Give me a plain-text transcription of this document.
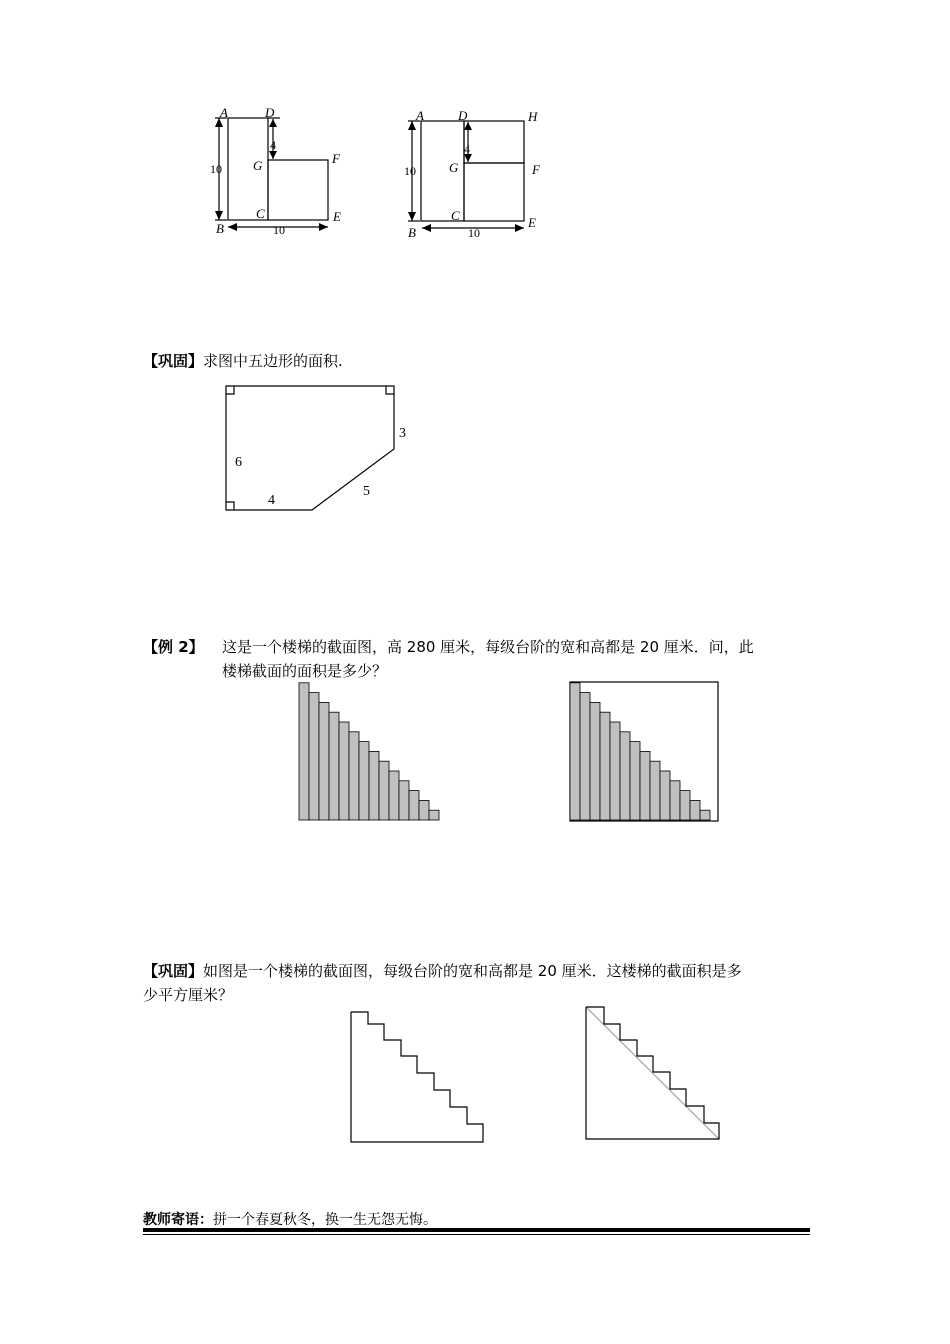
A	D
G	F
C	E
B
10
10
4
A	D	H
G	F
C	E
B
10
10
4
【巩固】求图中五边形的面积.
6
4
5
3
【例 2】 这是一个楼梯的截面图，高 280 厘米，每级台阶的宽和高都是 20 厘米．问，此
楼梯截面的面积是多少？
【巩固】如图是一个楼梯的截面图，每级台阶的宽和高都是 20 厘米．这楼梯的截面积是多
少平方厘米？
教师寄语：拼一个春夏秋冬，换一生无怨无悔。
